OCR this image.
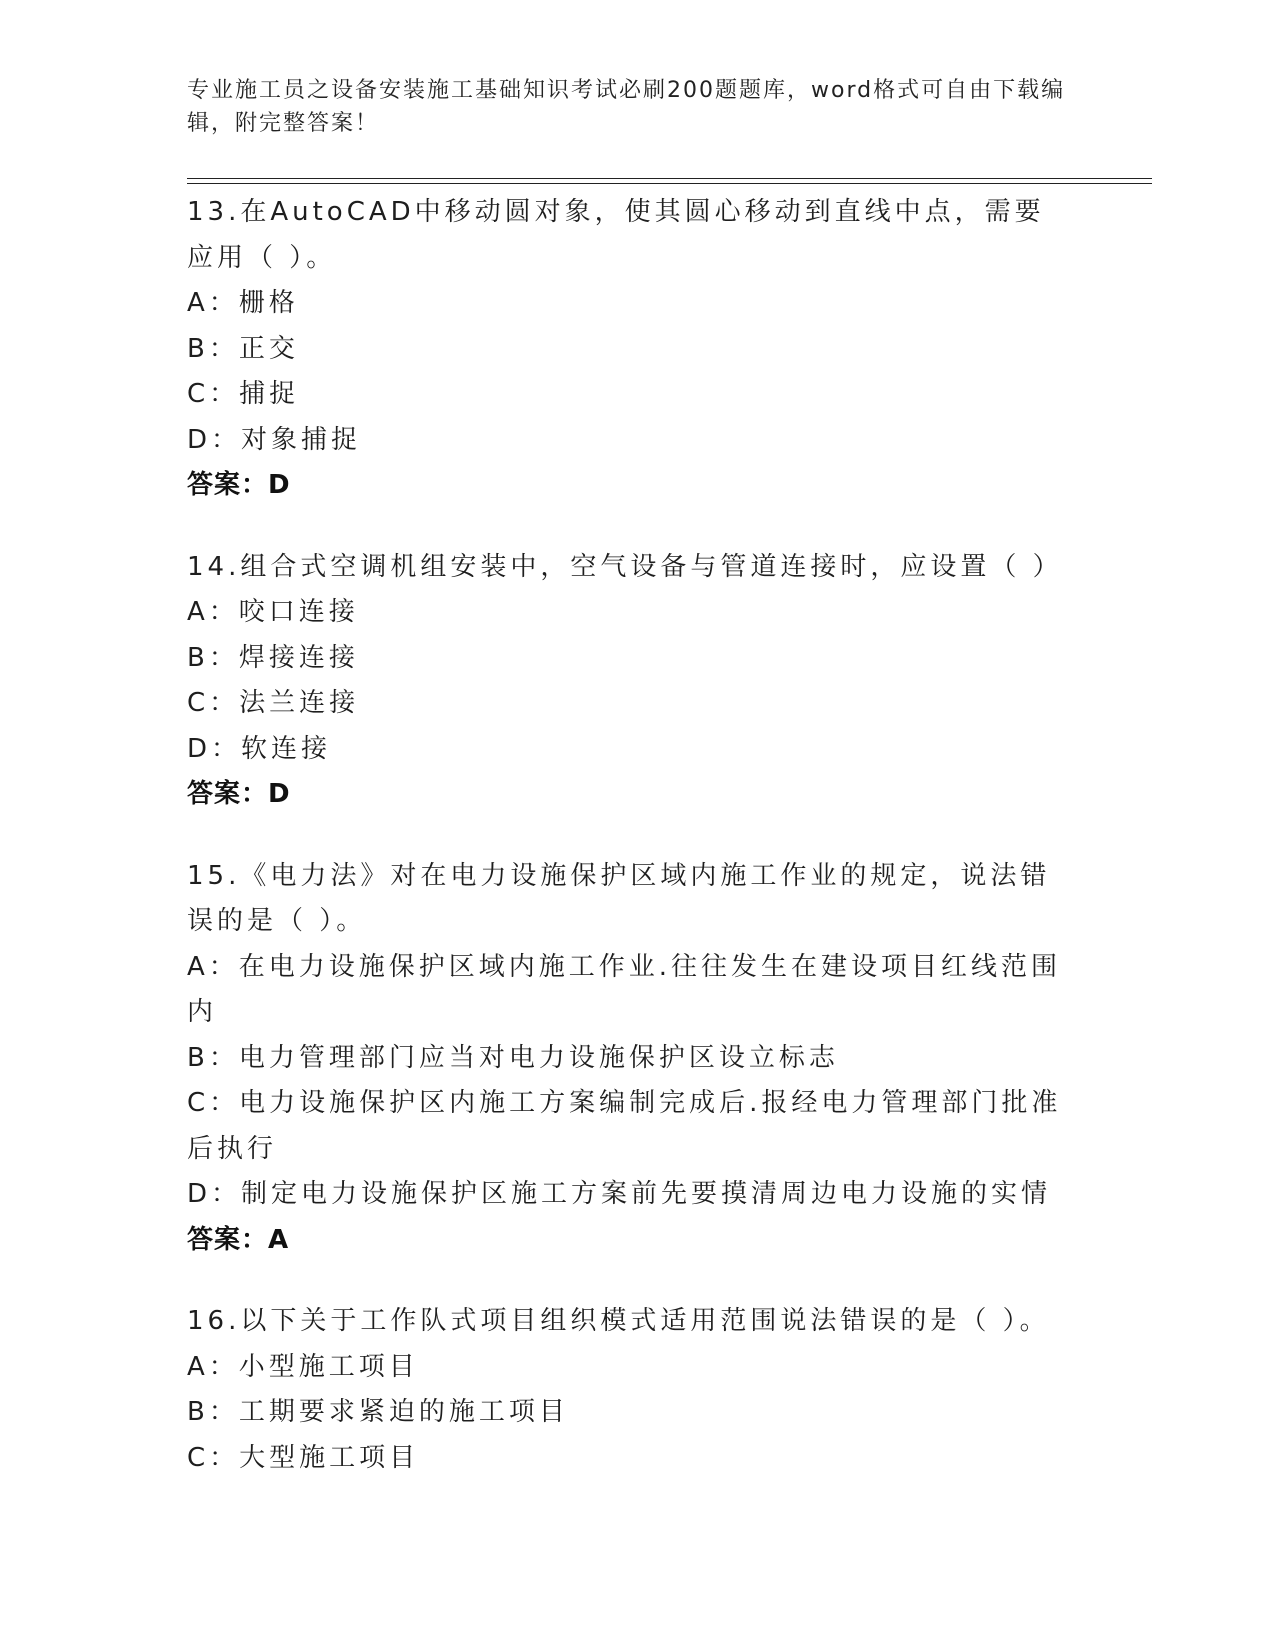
专业施工员之设备安装施工基础知识考试必刷200题题库，word格式可自由下载编辑，附完整答案！
13.在AutoCAD中移动圆对象，使其圆心移动到直线中点，需要应用（ ）。
A：栅格
B：正交
C：捕捉
D：对象捕捉
答案：D
14.组合式空调机组安装中，空气设备与管道连接时，应设置（ ）
A：咬口连接
B：焊接连接
C：法兰连接
D：软连接
答案：D
15.《电力法》对在电力设施保护区域内施工作业的规定，说法错误的是（ ）。
A：在电力设施保护区域内施工作业.往往发生在建设项目红线范围内
B：电力管理部门应当对电力设施保护区设立标志
C：电力设施保护区内施工方案编制完成后.报经电力管理部门批准后执行
D：制定电力设施保护区施工方案前先要摸清周边电力设施的实情
答案：A
16.以下关于工作队式项目组织模式适用范围说法错误的是（ ）。
A：小型施工项目
B：工期要求紧迫的施工项目
C：大型施工项目
